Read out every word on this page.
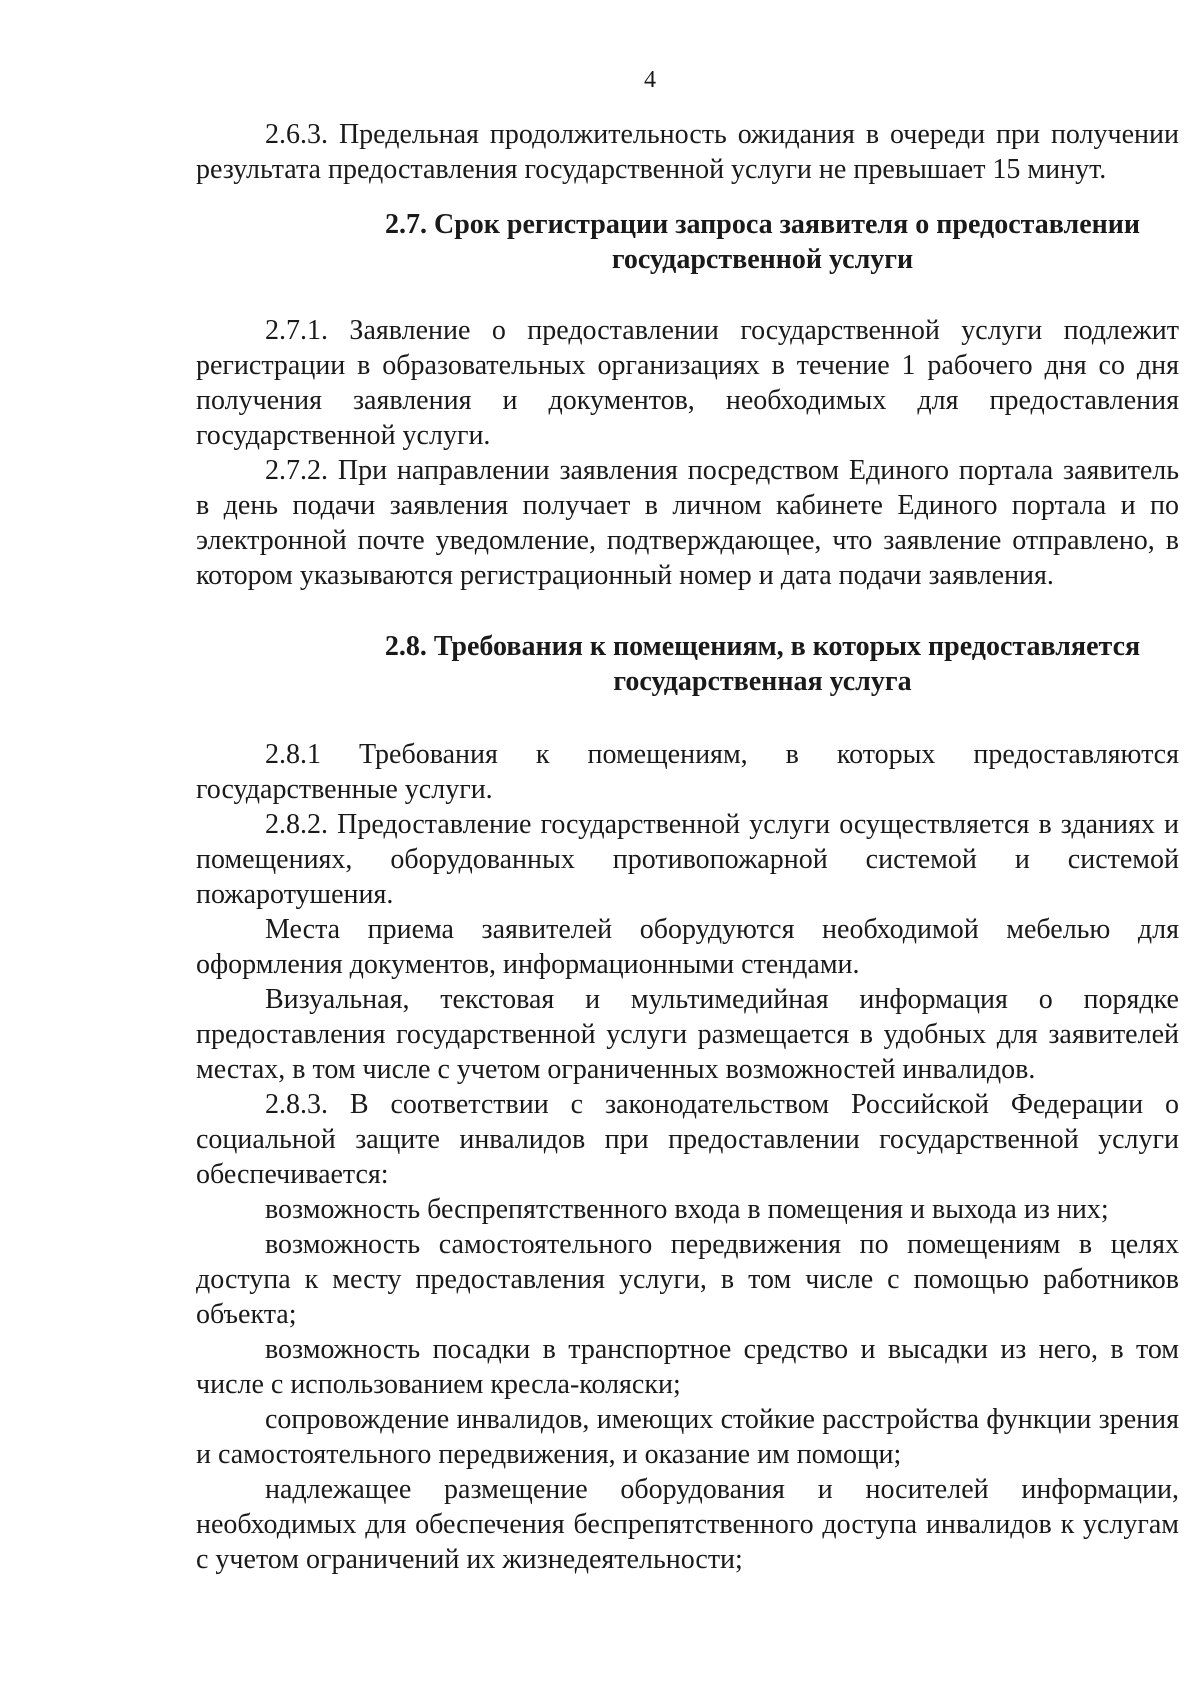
4

2.6.3. Предельная продолжительность ожидания в очереди при получении результата предоставления государственной услуги не превышает 15 минут.

2.7. Срок регистрации запроса заявителя о предоставлении государственной услуги

2.7.1. Заявление о предоставлении государственной услуги подлежит регистрации в образовательных организациях в течение 1 рабочего дня со дня получения заявления и документов, необходимых для предоставления государственной услуги.

2.7.2. При направлении заявления посредством Единого портала заявитель в день подачи заявления получает в личном кабинете Единого портала и по электронной почте уведомление, подтверждающее, что заявление отправлено, в котором указываются регистрационный номер и дата подачи заявления.

2.8. Требования к помещениям, в которых предоставляется государственная услуга

2.8.1 Требования к помещениям, в которых предоставляются государственные услуги.

2.8.2. Предоставление государственной услуги осуществляется в зданиях и помещениях, оборудованных противопожарной системой и системой пожаротушения.

Места приема заявителей оборудуются необходимой мебелью для оформления документов, информационными стендами.

Визуальная, текстовая и мультимедийная информация о порядке предоставления государственной услуги размещается в удобных для заявителей местах, в том числе с учетом ограниченных возможностей инвалидов.

2.8.3. В соответствии с законодательством Российской Федерации о социальной защите инвалидов при предоставлении государственной услуги обеспечивается:

возможность беспрепятственного входа в помещения и выхода из них;

возможность самостоятельного передвижения по помещениям в целях доступа к месту предоставления услуги, в том числе с помощью работников объекта;

возможность посадки в транспортное средство и высадки из него, в том числе с использованием кресла-коляски;

сопровождение инвалидов, имеющих стойкие расстройства функции зрения и самостоятельного передвижения, и оказание им помощи;

надлежащее размещение оборудования и носителей информации, необходимых для обеспечения беспрепятственного доступа инвалидов к услугам с учетом ограничений их жизнедеятельности;
